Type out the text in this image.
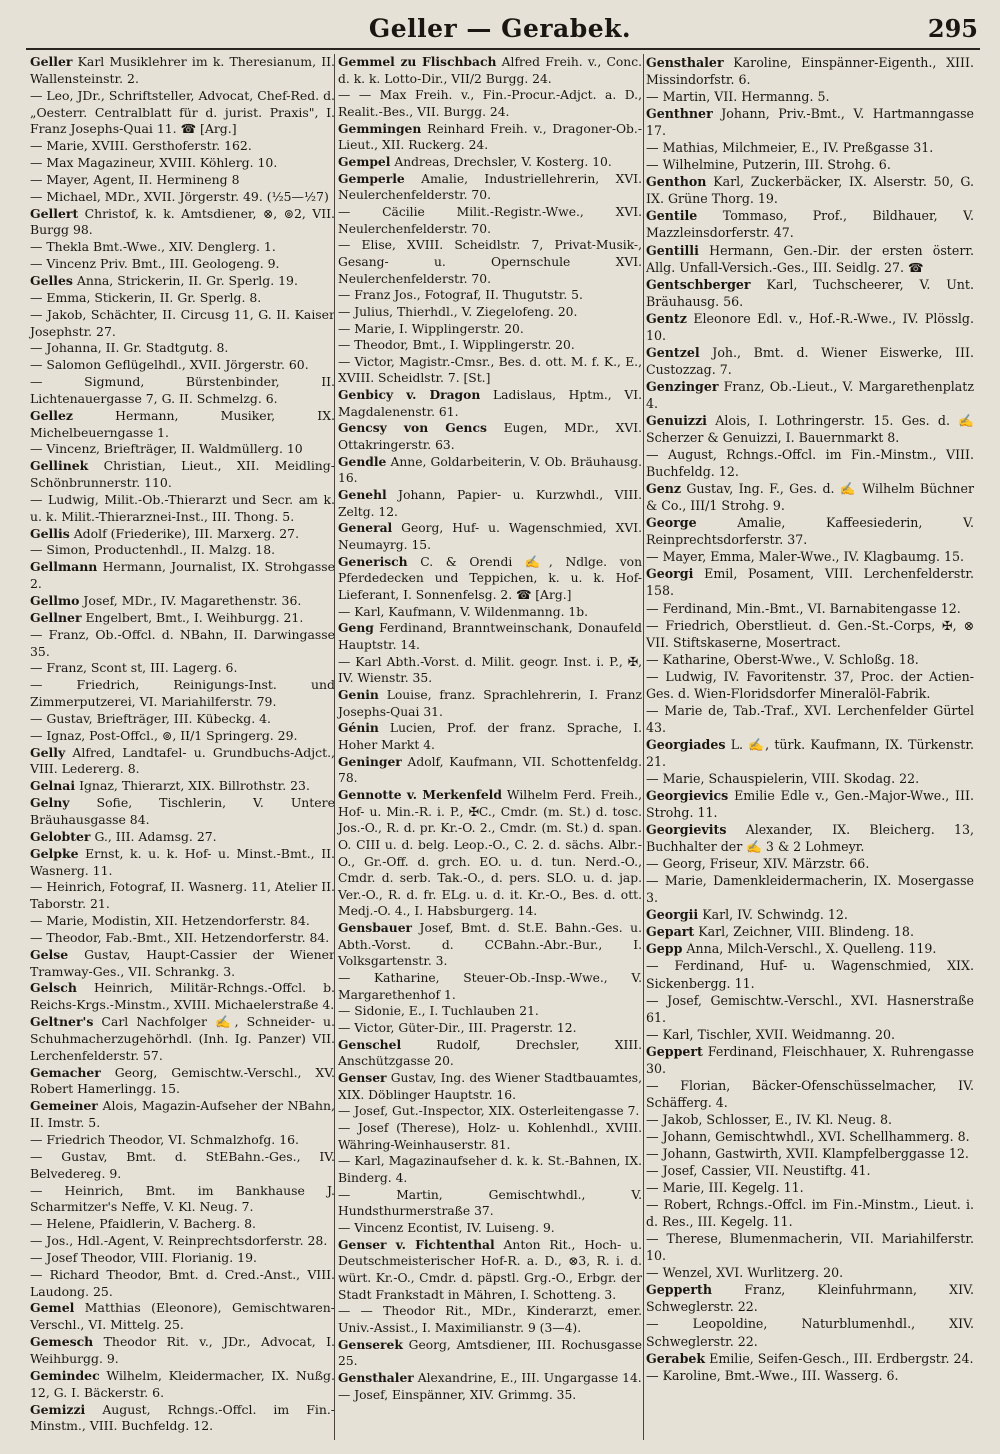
Geller — Gerabek.	295
Geller Karl Musiklehrer im k. Theresianum, II. Wallensteinstr. 2.
— Leo, JDr., Schriftsteller, Advocat, Chef-Red. d. „Oesterr. Centralblatt für d. jurist. Praxis", I. Franz Josephs-Quai 11. ☎ [Arg.]
— Marie, XVIII. Gersthoferstr. 162.
— Max Magazineur, XVIII. Köhlerg. 10.
— Mayer, Agent, II. Hermineng 8
— Michael, MDr., XVII. Jörgerstr. 49. (½5—½7)
Gellert Christof, k. k. Amtsdiener, ⊗, ⊚2, VII. Burgg 98.
— Thekla Bmt.-Wwe., XIV. Denglerg. 1.
— Vincenz Priv. Bmt., III. Geologeng. 9.
Gelles Anna, Strickerin, II. Gr. Sperlg. 19.
— Emma, Stickerin, II. Gr. Sperlg. 8.
— Jakob, Schächter, II. Circusg 11, G. II. Kaiser Josephstr. 27.
— Johanna, II. Gr. Stadtgutg. 8.
— Salomon Geflügelhdl., XVII. Jörgerstr. 60.
— Sigmund, Bürstenbinder, II. Lichtenauergasse 7, G. II. Schmelzg. 6.
Gellez	Hermann, Musiker, IX. Michelbeuerngasse 1.
— Vincenz, Briefträger, II. Waldmüllerg. 10
Gellinek Christian, Lieut., XII. Meidling-Schönbrunnerstr. 110.
— Ludwig, Milit.-Ob.-Thierarzt und Secr. am k. u. k. Milit.-Thierarznei-Inst., III. Thong. 5.
Gellis Adolf (Friederike), III. Marxerg. 27.
— Simon, Productenhdl., II. Malzg. 18.
Gellmann Hermann, Journalist, IX. Strohgasse 2.
Gellmo Josef, MDr., IV. Magarethenstr. 36.
Gellner Engelbert, Bmt., I. Weihburgg. 21.
— Franz, Ob.-Offcl. d. NBahn, II. Darwingasse 35.
— Franz, Scont st, III. Lagerg. 6.
— Friedrich, Reinigungs-Inst. und Zimmerputzerei, VI. Mariahilferstr. 79.
— Gustav, Briefträger, III. Kübeckg. 4.
— Ignaz, Post-Offcl., ⊚, II/1 Springerg. 29.
Gelly Alfred, Landtafel- u. Grundbuchs-Adjct., VIII. Ledererg. 8.
Gelnai Ignaz, Thierarzt, XIX. Billrothstr. 23.
Gelny Sofie, Tischlerin, V. Untere Bräuhausgasse 84.
Gelobter G., III. Adamsg. 27.
Gelpke Ernst, k. u. k. Hof- u. Minst.-Bmt., II. Wasnerg. 11.
— Heinrich, Fotograf, II. Wasnerg. 11, Atelier II. Taborstr. 21.
— Marie, Modistin, XII. Hetzendorferstr. 84.
— Theodor, Fab.-Bmt., XII. Hetzendorferstr. 84.
Gelse Gustav, Haupt-Cassier der Wiener Tramway-Ges., VII. Schrankg. 3.
Gelsch Heinrich, Militär-Rchngs.-Offcl. b. Reichs-Krgs.-Minstm., XVIII. Michaelerstraße 4.
Geltner's Carl Nachfolger ✍, Schneider- u. Schuhmacherzugehörhdl. (Inh. Ig. Panzer) VII. Lerchenfelderstr. 57.
Gemacher Georg, Gemischtw.-Verschl., XV. Robert Hamerlingg. 15.
Gemeiner Alois, Magazin-Aufseher der NBahn, II. Imstr. 5.
— Friedrich Theodor, VI. Schmalzhofg. 16.
— Gustav, Bmt. d. StEBahn.-Ges., IV. Belvedereg. 9.
— Heinrich, Bmt. im Bankhause J. Scharmitzer's Neffe, V. Kl. Neug. 7.
— Helene, Pfaidlerin, V. Bacherg. 8.
— Jos., Hdl.-Agent, V. Reinprechtsdorferstr. 28.
— Josef Theodor, VIII. Florianig. 19.
— Richard Theodor, Bmt. d. Cred.-Anst., VIII. Laudong. 25.
Gemel Matthias (Eleonore), Gemischtwaren-Verschl., VI. Mittelg. 25.
Gemesch Theodor Rit. v., JDr., Advocat, I. Weihburgg. 9.
Gemindec Wilhelm, Kleidermacher, IX. Nußg. 12, G. I. Bäckerstr. 6.
Gemizzi August, Rchngs.-Offcl. im Fin.-Minstm., VIII. Buchfeldg. 12.
Gemmel zu Flischbach Alfred Freih. v., Conc. d. k. k. Lotto-Dir., VII/2 Burgg. 24.
— — Max Freih. v., Fin.-Procur.-Adjct. a. D., Realit.-Bes., VII. Burgg. 24.
Gemmingen Reinhard Freih. v., Dragoner-Ob.-Lieut., XII. Ruckerg. 24.
Gempel Andreas, Drechsler, V. Kosterg. 10.
Gemperle Amalie, Industriellehrerin, XVI. Neulerchenfelderstr. 70.
— Cäcilie Milit.-Registr.-Wwe., XVI. Neulerchenfelderstr. 70.
— Elise, XVIII. Scheidlstr. 7, Privat-Musik-, Gesang- u. Opernschule XVI. Neulerchenfelderstr. 70.
— Franz Jos., Fotograf, II. Thugutstr. 5.
— Julius, Thierhdl., V. Ziegelofeng. 20.
— Marie, I. Wipplingerstr. 20.
— Theodor, Bmt., I. Wipplingerstr. 20.
— Victor, Magistr.-Cmsr., Bes. d. ott. M. f. K., E., XVIII. Scheidlstr. 7. [St.]
Genbicy v. Dragon Ladislaus, Hptm., VI. Magdalenenstr. 61.
Gencsy von Gencs Eugen, MDr., XVI. Ottakringerstr. 63.
Gendle Anne, Goldarbeiterin, V. Ob. Bräuhausg. 16.
Genehl Johann, Papier- u. Kurzwhdl., VIII. Zeltg. 12.
General Georg, Huf- u. Wagenschmied, XVI. Neumayrg. 15.
Generisch C. & Orendi ✍, Ndlge. von Pferdedecken und Teppichen, k. u. k. Hof-Lieferant, I. Sonnenfelsg. 2. ☎ [Arg.]
— Karl, Kaufmann, V. Wildenmanng. 1b.
Geng Ferdinand, Branntweinschank, Donaufeld Hauptstr. 14.
— Karl Abth.-Vorst. d. Milit. geogr. Inst. i. P., ✠, IV. Wienstr. 35.
Genin Louise, franz. Sprachlehrerin, I. Franz Josephs-Quai 31.
Génin Lucien, Prof. der franz. Sprache, I. Hoher Markt 4.
Geninger Adolf, Kaufmann, VII. Schottenfeldg. 78.
Gennotte v. Merkenfeld Wilhelm Ferd. Freih., Hof- u. Min.-R. i. P., ✠C., Cmdr. (m. St.) d. tosc. Jos.-O., R. d. pr. Kr.-O. 2., Cmdr. (m. St.) d. span. O. CIII u. d. belg. Leop.-O., C. 2. d. sächs. Albr.-O., Gr.-Off. d. grch. EO. u. d. tun. Nerd.-O., Cmdr. d. serb. Tak.-O., d. pers. SLO. u. d. jap. Ver.-O., R. d. fr. ELg. u. d. it. Kr.-O., Bes. d. ott. Medj.-O. 4., I. Habsburgerg. 14.
Gensbauer Josef, Bmt. d. St.E. Bahn.-Ges. u. Abth.-Vorst. d. CCBahn.-Abr.-Bur., I. Volksgartenstr. 3.
— Katharine, Steuer-Ob.-Insp.-Wwe., V. Margarethenhof 1.
— Sidonie, E., I. Tuchlauben 21.
— Victor, Güter-Dir., III. Pragerstr. 12.
Genschel	Rudolf, Drechsler, XIII. Anschützgasse 20.
Genser Gustav, Ing. des Wiener Stadtbauamtes, XIX. Döblinger Hauptstr. 16.
— Josef, Gut.-Inspector, XIX. Osterleitengasse 7.
— Josef (Therese), Holz- u. Kohlenhdl., XVIII. Währing-Weinhauserstr. 81.
— Karl, Magazinaufseher d. k. k. St.-Bahnen, IX. Binderg. 4.
— Martin, Gemischtwhdl., V. Hundsthurmerstraße 37.
— Vincenz Econtist, IV. Luiseng. 9.
Genser v. Fichtenthal Anton Rit., Hoch- u. Deutschmeisterischer Hof-R. a. D., ⊗3, R. i. d. würt. Kr.-O., Cmdr. d. päpstl. Grg.-O., Erbgr. der Stadt Frankstadt in Mähren, I. Schotteng. 3.
— — Theodor Rit., MDr., Kinderarzt, emer. Univ.-Assist., I. Maximilianstr. 9 (3—4).
Genserek Georg, Amtsdiener, III. Rochusgasse 25.
Gensthaler Alexandrine, E., III. Ungargasse 14.
— Josef, Einspänner, XIV. Grimmg. 35.
Gensthaler Karoline, Einspänner-Eigenth., XIII. Missindorfstr. 6.
— Martin, VII. Hermanng. 5.
Genthner Johann, Priv.-Bmt., V. Hartmanngasse 17.
— Mathias, Milchmeier, E., IV. Preßgasse 31.
— Wilhelmine, Putzerin, III. Strohg. 6.
Genthon Karl, Zuckerbäcker, IX. Alserstr. 50, G. IX. Grüne Thorg. 19.
Gentile Tommaso, Prof., Bildhauer, V. Mazzleinsdorferstr. 47.
Gentilli Hermann, Gen.-Dir. der ersten österr. Allg. Unfall-Versich.-Ges., III. Seidlg. 27. ☎
Gentschberger Karl, Tuchscheerer, V. Unt. Bräuhausg. 56.
Gentz Eleonore Edl. v., Hof.-R.-Wwe., IV. Plösslg. 10.
Gentzel Joh., Bmt. d. Wiener Eiswerke, III. Custozzag. 7.
Genzinger Franz, Ob.-Lieut., V. Margarethenplatz 4.
Genuizzi Alois, I. Lothringerstr. 15. Ges. d. ✍ Scherzer & Genuizzi, I. Bauernmarkt 8.
— August, Rchngs.-Offcl. im Fin.-Minstm., VIII. Buchfeldg. 12.
Genz Gustav, Ing. F., Ges. d. ✍ Wilhelm Büchner & Co., III/1 Strohg. 9.
George	Amalie, Kaffeesiederin, V. Reinprechtsdorferstr. 37.
— Mayer, Emma, Maler-Wwe., IV. Klagbaumg. 15.
Georgi Emil, Posament, VIII. Lerchenfelderstr. 158.
— Ferdinand, Min.-Bmt., VI. Barnabitengasse 12.
— Friedrich, Oberstlieut. d. Gen.-St.-Corps, ✠, ⊗ VII. Stiftskaserne, Mosertract.
— Katharine, Oberst-Wwe., V. Schloßg. 18.
— Ludwig, IV. Favoritenstr. 37, Proc. der Actien-Ges. d. Wien-Floridsdorfer Mineralöl-Fabrik.
— Marie de, Tab.-Traf., XVI. Lerchenfelder Gürtel 43.
Georgiades L. ✍, türk. Kaufmann, IX. Türkenstr. 21.
— Marie, Schauspielerin, VIII. Skodag. 22.
Georgievics Emilie Edle v., Gen.-Major-Wwe., III. Strohg. 11.
Georgievits Alexander, IX. Bleicherg. 13, Buchhalter der ✍ 3 & 2 Lohmeyr.
— Georg, Friseur, XIV. Märzstr. 66.
— Marie, Damenkleidermacherin, IX. Mosergasse 3.
Georgii Karl, IV. Schwindg. 12.
Gepart Karl, Zeichner, VIII. Blindeng. 18.
Gepp Anna, Milch-Verschl., X. Quelleng. 119.
— Ferdinand, Huf- u. Wagenschmied, XIX. Sickenbergg. 11.
— Josef, Gemischtw.-Verschl., XVI. Hasnerstraße 61.
— Karl, Tischler, XVII. Weidmanng. 20.
Geppert Ferdinand, Fleischhauer, X. Ruhrengasse 30.
— Florian, Bäcker-Ofenschüsselmacher, IV. Schäfferg. 4.
— Jakob, Schlosser, E., IV. Kl. Neug. 8.
— Johann, Gemischtwhdl., XVI. Schellhammerg. 8.
— Johann, Gastwirth, XVII. Klampfelberggasse 12.
— Josef, Cassier, VII. Neustiftg. 41.
— Marie, III. Kegelg. 11.
— Robert, Rchngs.-Offcl. im Fin.-Minstm., Lieut. i. d. Res., III. Kegelg. 11.
— Therese, Blumenmacherin, VII. Mariahilferstr. 10.
— Wenzel, XVI. Wurlitzerg. 20.
Gepperth	Franz, Kleinfuhrmann, XIV. Schweglerstr. 22.
— Leopoldine, Naturblumenhdl., XIV. Schweglerstr. 22.
Gerabek Emilie, Seifen-Gesch., III. Erdbergstr. 24.
— Karoline, Bmt.-Wwe., III. Wasserg. 6.
